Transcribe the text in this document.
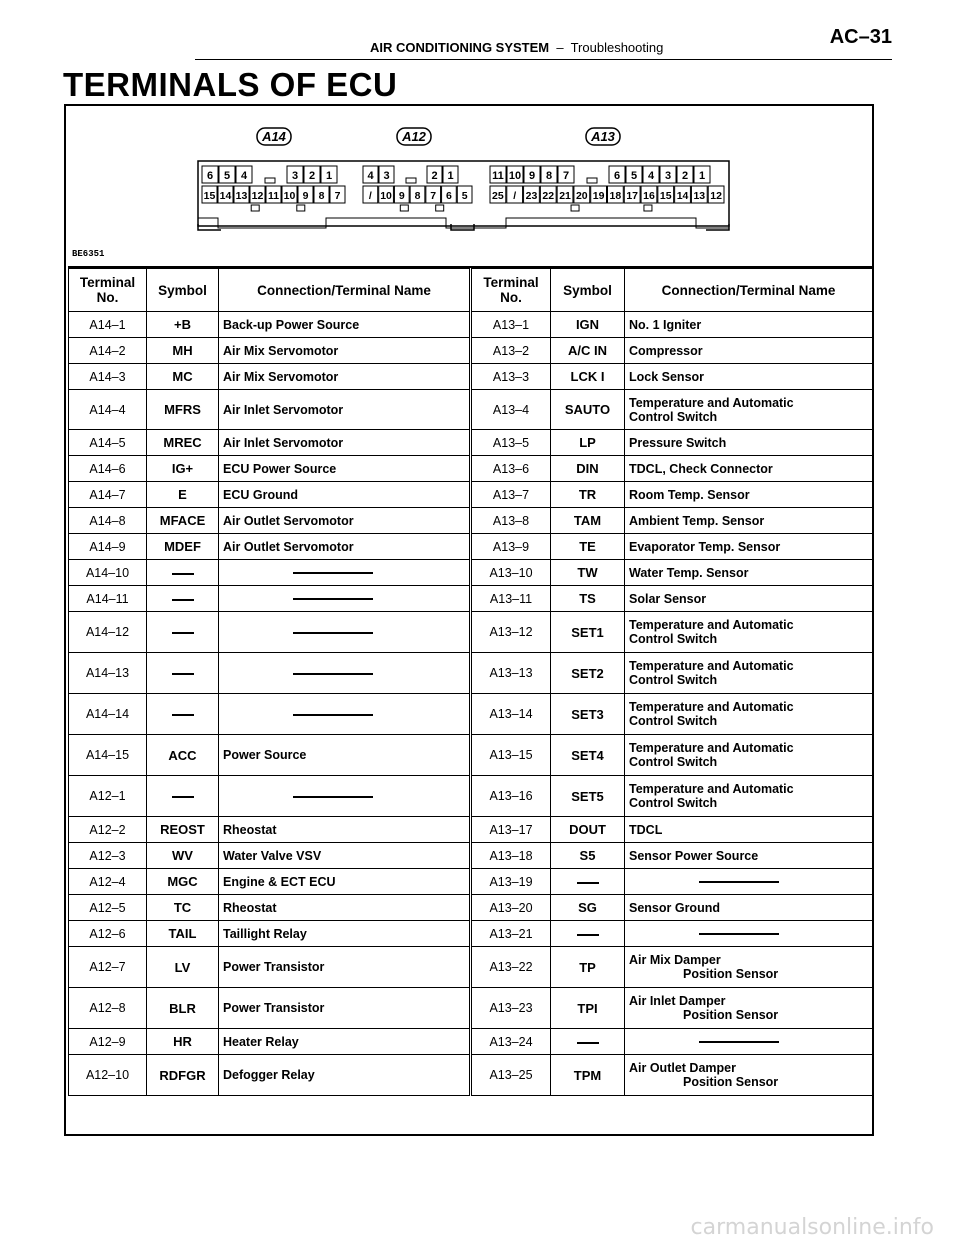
AIR CONDITIONING SYSTEM – Troubleshooting	AC–31
TERMINALS OF ECU
A14
6 5 4	3 2 1
15 14 13 12 11 10 9 8 7
A12
4 3	2 1
/ 10 9 8 7 6 5
A13
11 10 9 8 7	6 5 4 3 2 1
25 / 23 22 21 20 19 18 17 16 15 14 13 12
BE6351
Terminal No.	Symbol	Connection/Terminal Name	Terminal No.	Symbol	Connection/Terminal Name
A14–1	+B	Back-up Power Source	A13–1	IGN	No. 1 Igniter
A14–2	MH	Air Mix Servomotor	A13–2	A/C IN	Compressor
A14–3	MC	Air Mix Servomotor	A13–3	LCK I	Lock Sensor
A14–4	MFRS	Air Inlet Servomotor	A13–4	SAUTO	Temperature and Automatic
Control Switch

A14–5	MREC	Air Inlet Servomotor	A13–5	LP	Pressure Switch
A14–6	IG+	ECU Power Source	A13–6	DIN	TDCL, Check Connector
A14–7	E	ECU Ground	A13–7	TR	Room Temp. Sensor
A14–8	MFACE	Air Outlet Servomotor	A13–8	TAM	Ambient Temp. Sensor
A14–9	MDEF	Air Outlet Servomotor	A13–9	TE	Evaporator Temp. Sensor
A14–10			A13–10	TW	Water Temp. Sensor
A14–11			A13–11	TS	Solar Sensor
A14–12			A13–12	SET1	Temperature and Automatic
Control Switch

A14–13			A13–13	SET2	Temperature and Automatic
Control Switch

A14–14			A13–14	SET3	Temperature and Automatic
Control Switch

A14–15	ACC	Power Source	A13–15	SET4	Temperature and Automatic
Control Switch

A12–1			A13–16	SET5	Temperature and Automatic
Control Switch

A12–2	REOST	Rheostat	A13–17	DOUT	TDCL
A12–3	WV	Water Valve VSV	A13–18	S5	Sensor Power Source
A12–4	MGC	Engine & ECT ECU	A13–19		
A12–5	TC	Rheostat	A13–20	SG	Sensor Ground
A12–6	TAIL	Taillight Relay	A13–21		
A12–7	LV	Power Transistor	A13–22	TP	Air Mix Damper
Position Sensor

A12–8	BLR	Power Transistor	A13–23	TPI	Air Inlet Damper
Position Sensor

A12–9	HR	Heater Relay	A13–24		
A12–10	RDFGR	Defogger Relay	A13–25	TPM	Air Outlet Damper
Position Sensor
carmanualsonline.info
